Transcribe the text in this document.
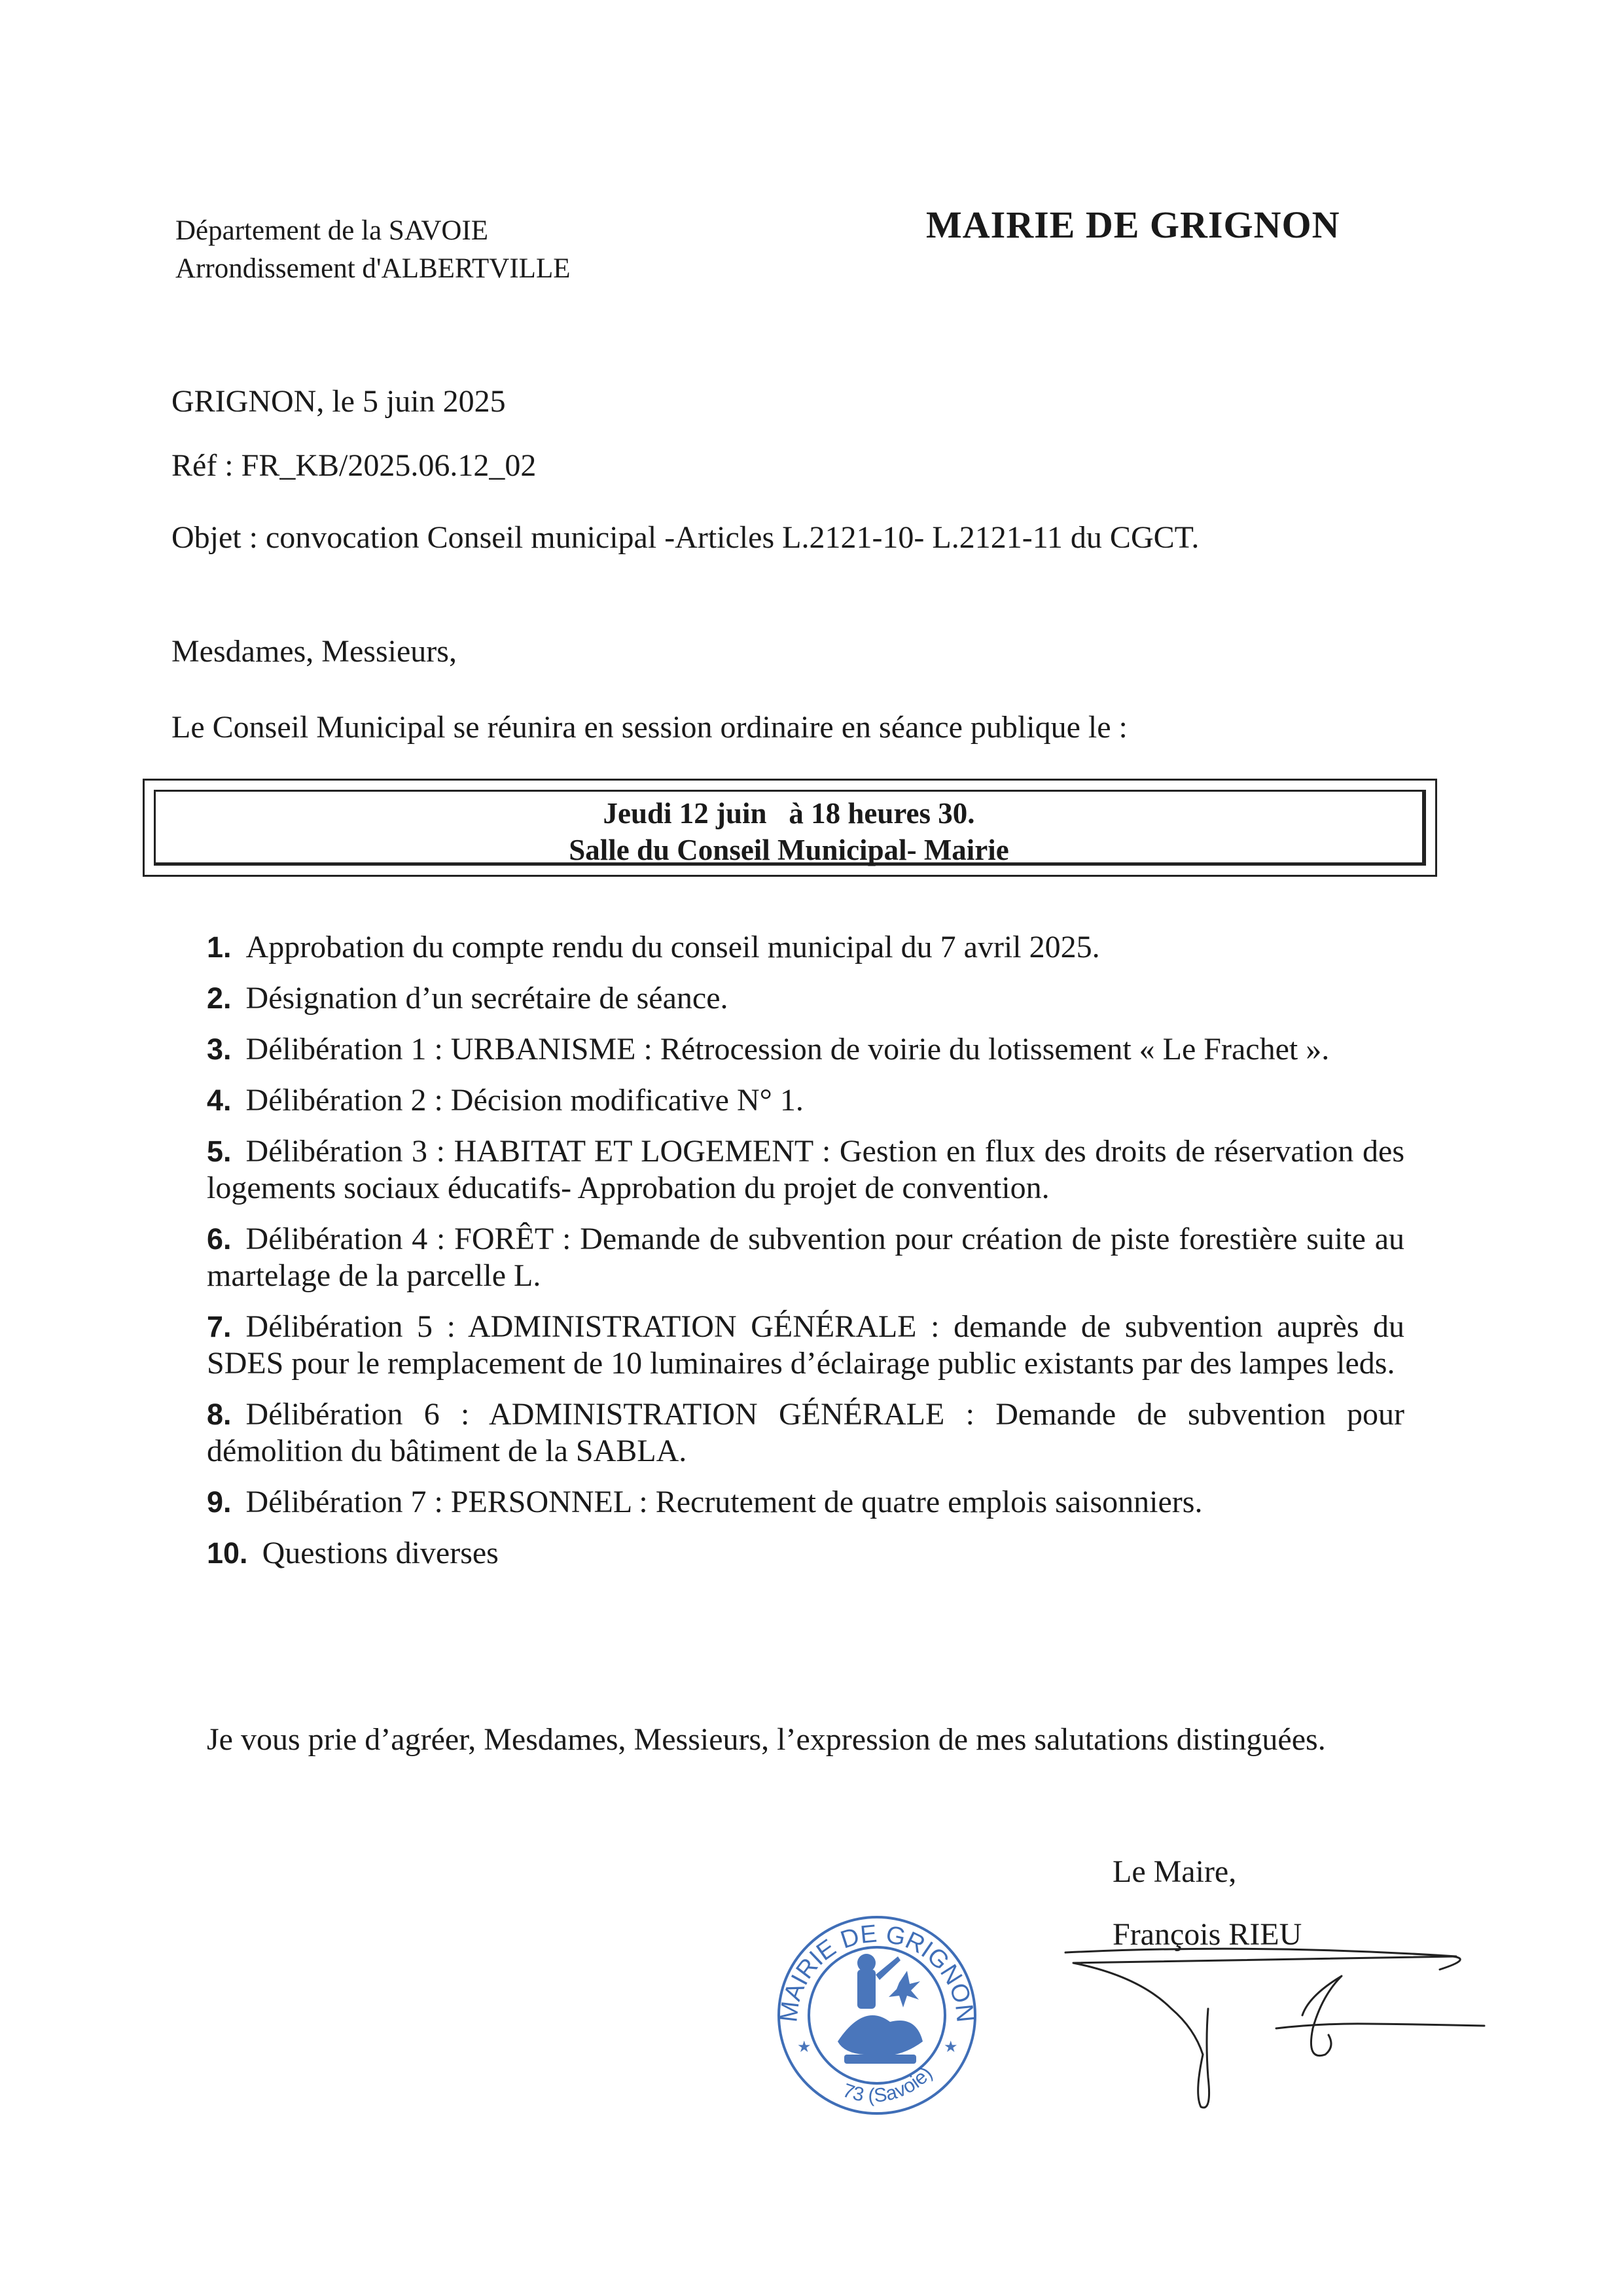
Département de la SAVOIE
Arrondissement d'ALBERTVILLE
MAIRIE DE GRIGNON
GRIGNON, le 5 juin 2025
Réf : FR_KB/2025.06.12_02
Objet : convocation Conseil municipal -Articles L.2121-10- L.2121-11 du CGCT.
Mesdames, Messieurs,
Le Conseil Municipal se réunira en session ordinaire en séance publique le :
Jeudi 12 juin   à 18 heures 30.
Salle du Conseil Municipal- Mairie
1. Approbation du compte rendu du conseil municipal du 7 avril 2025.
2. Désignation d’un secrétaire de séance.
3. Délibération 1 : URBANISME : Rétrocession de voirie du lotissement « Le Frachet ».
4. Délibération 2 : Décision modificative N° 1.
5. Délibération 3 : HABITAT ET LOGEMENT : Gestion en flux des droits de réservation des logements sociaux éducatifs- Approbation du projet de convention.
6. Délibération 4 : FORÊT : Demande de subvention pour création de piste forestière suite au martelage de la parcelle L.
7. Délibération 5 : ADMINISTRATION GÉNÉRALE : demande de subvention auprès du SDES pour le remplacement de 10 luminaires d’éclairage public existants par des lampes leds.
8. Délibération 6 : ADMINISTRATION GÉNÉRALE : Demande de subvention pour démolition du bâtiment de la SABLA.
9. Délibération 7 : PERSONNEL : Recrutement de quatre emplois saisonniers.
10. Questions diverses
Je vous prie d’agréer, Mesdames, Messieurs, l’expression de mes salutations distinguées.
Le Maire,
François RIEU
MAIRIE DE GRIGNON
73 (Savoie)
★	★
